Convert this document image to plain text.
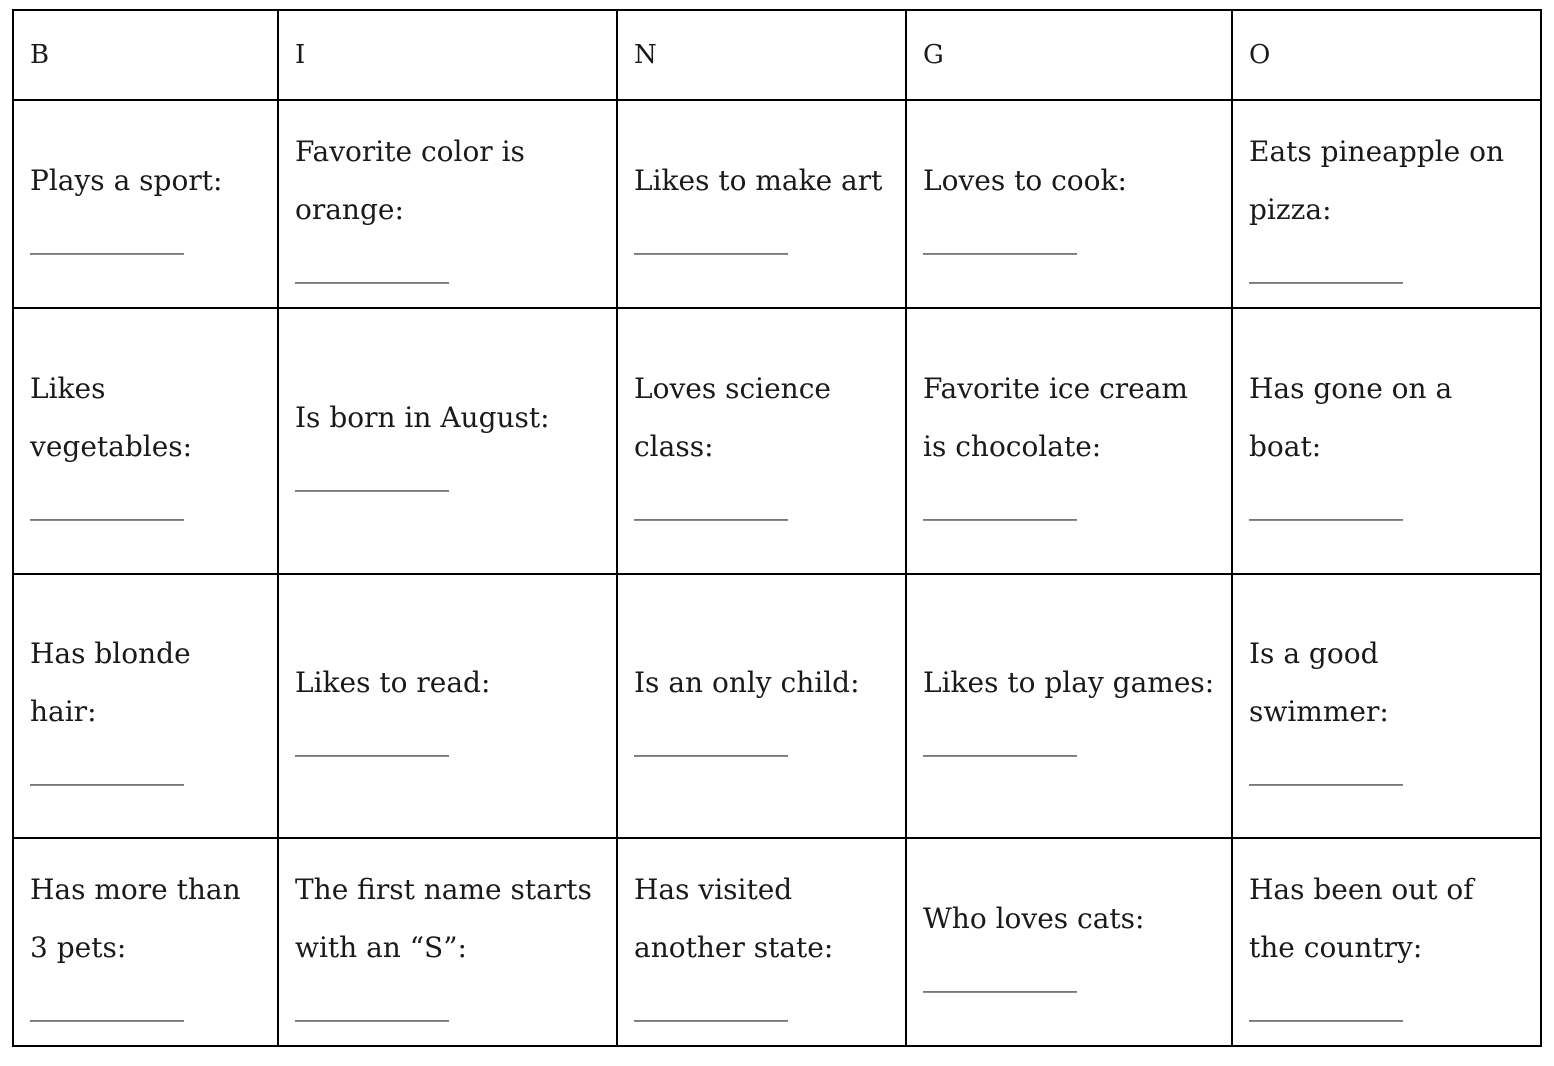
B	I	N	G	O
Plays a sport:
___________	Favorite color is orange:
___________	Likes to make art
___________	Loves to cook:
___________	Eats pineapple on pizza:
___________

Likes vegetables:
___________	Is born in August:
___________	Loves science class:
___________	Favorite ice cream is chocolate:
___________	Has gone on a boat:
___________

Has blonde hair:
___________	Likes to read:
___________	Is an only child:
___________	Likes to play games:
___________	Is a good swimmer:
___________

Has more than 3 pets:
___________	The first name starts with an “S”:
___________	Has visited another state:
___________	Who loves cats:
___________	Has been out of the country:
___________
